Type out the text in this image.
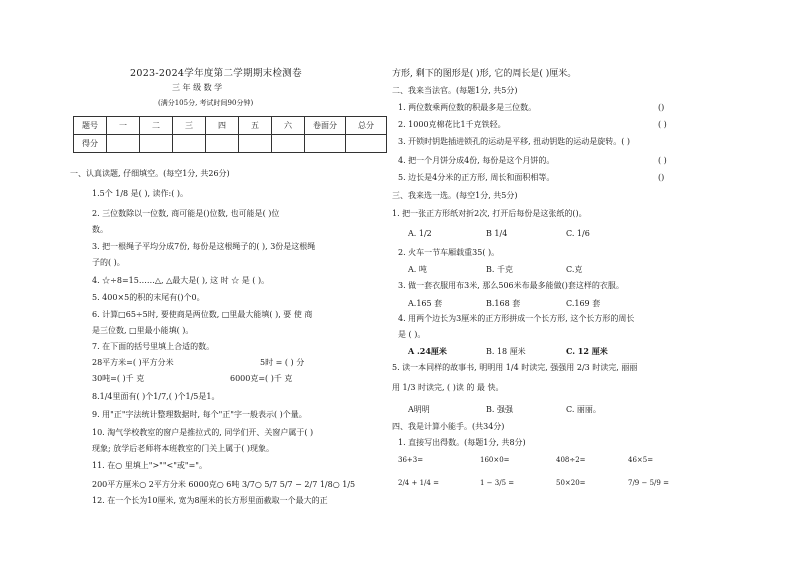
2023-2024学年度第二学期期末检测卷
三 年 级 数 学
(满分105分, 考试时间90分钟)
题号	一	二	三	四	五	六	卷面分	总分
得分								
一、认真读题, 仔细填空。(每空1分, 共26分)
1.5个 1/8 是( ), 读作:( )。
2. 三位数除以一位数, 商可能是()位数, 也可能是( )位
数。
3. 把一根绳子平均分成7份, 每份是这根绳子的( ), 3份是这根绳
子的( )。
4. ☆÷8=15……△, △最大是( ), 这 时 ☆ 是 ( )。
5. 400×5的积的末尾有()个0。
6. 计算□65÷5时, 要使商是两位数, □里最大能填( ), 要 使 商
是三位数, □里最小能填( )。
7. 在下面的括号里填上合适的数。
28平方米=( )平方分米	5时 = ( ) 分
30吨=( )千 克	6000克=( )千 克
8.1/4里面有( )个1/7,( )个1/5是1。
9. 用"正"字法统计整理数据时, 每个"正"字一般表示( )个量。
10. 淘气学校教室的窗户是推拉式的, 同学们开、关窗户属于( )
现象; 放学后老师将本班教室的门关上属于( )现象。
11. 在○ 里填上">""<"或"="。
200平方厘米○ 2平方分米 6000克○ 6吨 3/7○ 5/7 5/7 − 2/7 1/8○ 1/5
12. 在一个长为10厘米, 宽为8厘米的长方形里面截取一个最大的正
方形, 剩下的图形是( )形, 它的周长是( )厘米。
二、我来当法官。(每题1分, 共5分)
1. 两位数乘两位数的积最多是三位数。	()
2. 1000克棉花比1千克铁轻。	( )
3. 开锁时钥匙插进锁孔的运动是平移, 扭动钥匙的运动是旋转。( )
4. 把一个月饼分成4份, 每份是这个月饼的。	( )
5. 边长是4分米的正方形, 周长和面积相等。	()
三、我来选一选。(每空1分, 共5分)
1. 把一张正方形纸对折2次, 打开后每份是这张纸的()。
A. 1/2	B 1/4	C. 1/6
2. 火车一节车厢载重35( )。
A. 吨	B. 千克	C.克
3. 做一套衣服用布3米, 那么506米布最多能做()套这样的衣服。
A.165 套	B.168 套	C.169 套
4. 用两个边长为3厘米的正方形拼成一个长方形, 这个长方形的周长
是 ( )。
A .24厘米	B. 18 厘米	C. 12 厘米
5. 读一本同样的故事书, 明明用 1/4 时读完, 强强用 2/3 时读完, 丽丽
用 1/3 时读完, ( )读 的 最 快。
A明明	B. 强强	C. 丽丽。
四、我是计算小能手。(共34分)
1. 直接写出得数。(每题1分, 共8分)
36+3=	160×0=	408÷2=	46×5=
2/4 + 1/4 =	1 − 3/5 =	50×20=	7/9 − 5/9 =
